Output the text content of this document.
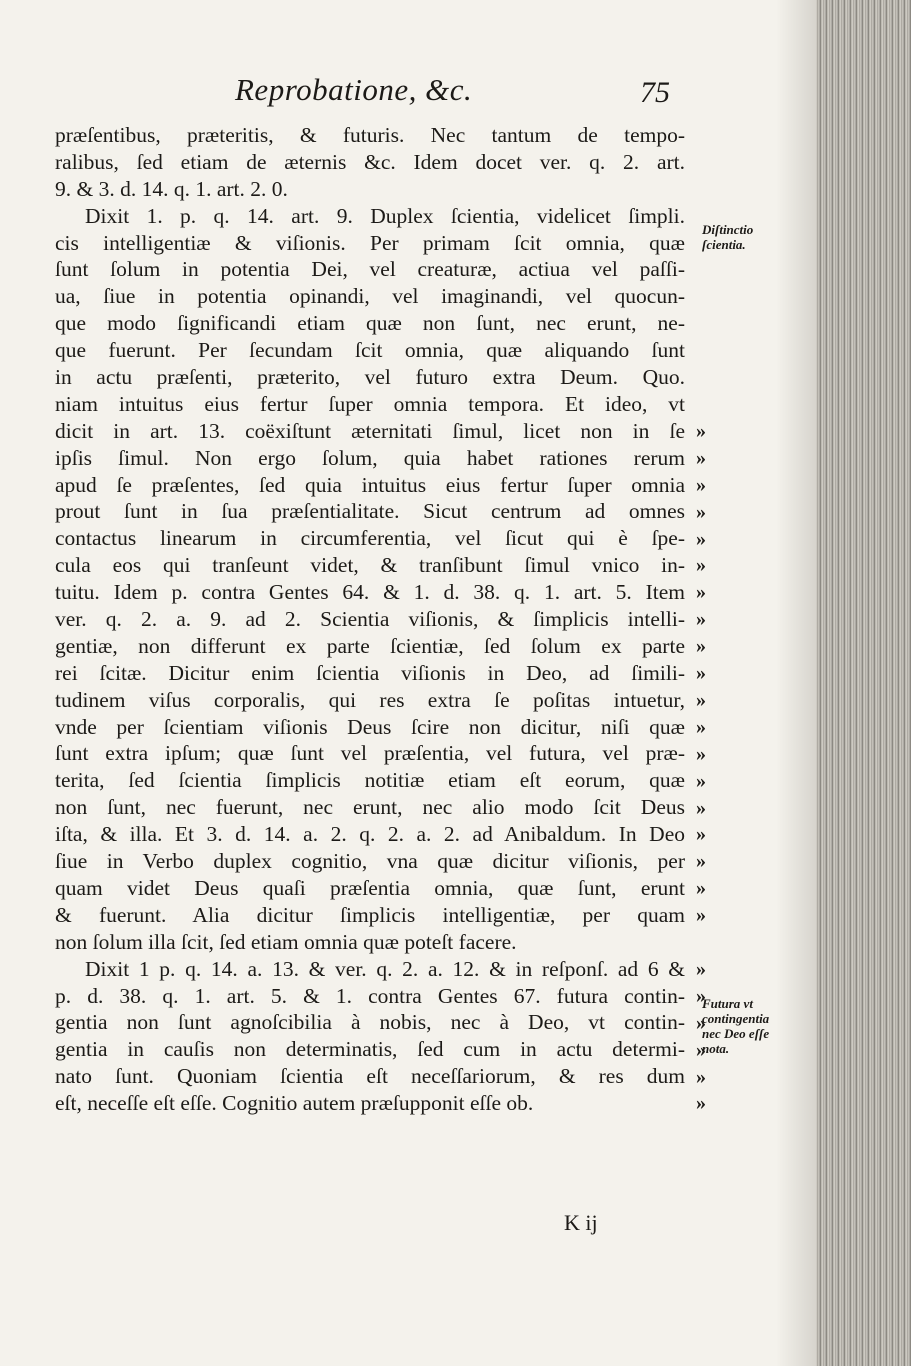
Reprobatione, &c.	75
præſentibus, præteritis, & futuris. Nec tantum de tempo-
ralibus, ſed etiam de æternis &c. Idem docet ver. q. 2. art.
9. & 3. d. 14. q. 1. art. 2. 0.
Dixit 1. p. q. 14. art. 9. Duplex ſcientia, videlicet ſimpli.
cis intelligentiæ & viſionis. Per primam ſcit omnia, quæ
ſunt ſolum in potentia Dei, vel creaturæ, actiua vel paſſi-
ua, ſiue in potentia opinandi, vel imaginandi, vel quocun-
que modo ſignificandi etiam quæ non ſunt, nec erunt, ne-
que fuerunt. Per ſecundam ſcit omnia, quæ aliquando ſunt
in actu præſenti, præterito, vel futuro extra Deum. Quo.
niam intuitus eius fertur ſuper omnia tempora. Et ideo, vt
dicit in art. 13. coëxiſtunt æternitati ſimul, licet non in ſe
ipſis ſimul. Non ergo ſolum, quia habet rationes rerum
apud ſe præſentes, ſed quia intuitus eius fertur ſuper omnia
prout ſunt in ſua præſentialitate. Sicut centrum ad omnes
contactus linearum in circumferentia, vel ſicut qui è ſpe-
cula eos qui tranſeunt videt, & tranſibunt ſimul vnico in-
tuitu. Idem p. contra Gentes 64. & 1. d. 38. q. 1. art. 5. Item
ver. q. 2. a. 9. ad 2. Scientia viſionis, & ſimplicis intelli-
gentiæ, non differunt ex parte ſcientiæ, ſed ſolum ex parte
rei ſcitæ. Dicitur enim ſcientia viſionis in Deo, ad ſimili-
tudinem viſus corporalis, qui res extra ſe poſitas intuetur,
vnde per ſcientiam viſionis Deus ſcire non dicitur, niſi quæ
ſunt extra ipſum; quæ ſunt vel præſentia, vel futura, vel præ-
terita, ſed ſcientia ſimplicis notitiæ etiam eſt eorum, quæ
non ſunt, nec fuerunt, nec erunt, nec alio modo ſcit Deus
iſta, & illa. Et 3. d. 14. a. 2. q. 2. a. 2. ad Anibaldum. In Deo
ſiue in Verbo duplex cognitio, vna quæ dicitur viſionis, per
quam videt Deus quaſi præſentia omnia, quæ ſunt, erunt
& fuerunt. Alia dicitur ſimplicis intelligentiæ, per quam
non ſolum illa ſcit, ſed etiam omnia quæ poteſt facere.
Dixit 1 p. q. 14. a. 13. & ver. q. 2. a. 12. & in reſponſ. ad 6 &
p. d. 38. q. 1. art. 5. & 1. contra Gentes 67. futura contin-
gentia non ſunt agnoſcibilia à nobis, nec à Deo, vt contin-
gentia in cauſis non determinatis, ſed cum in actu determi-
nato ſunt. Quoniam ſcientia eſt neceſſariorum, & res dum
eſt, neceſſe eſt eſſe. Cognitio autem præſupponit eſſe ob.
»
»
»
»
»
»
»
»
»
»
»
»
»
»
»
»
»
»
»
»
»
»
»
»
»
Diſtinctio
ſcientia.
Futura vt
contingentia
nec Deo eſſe
nota.
K ij
